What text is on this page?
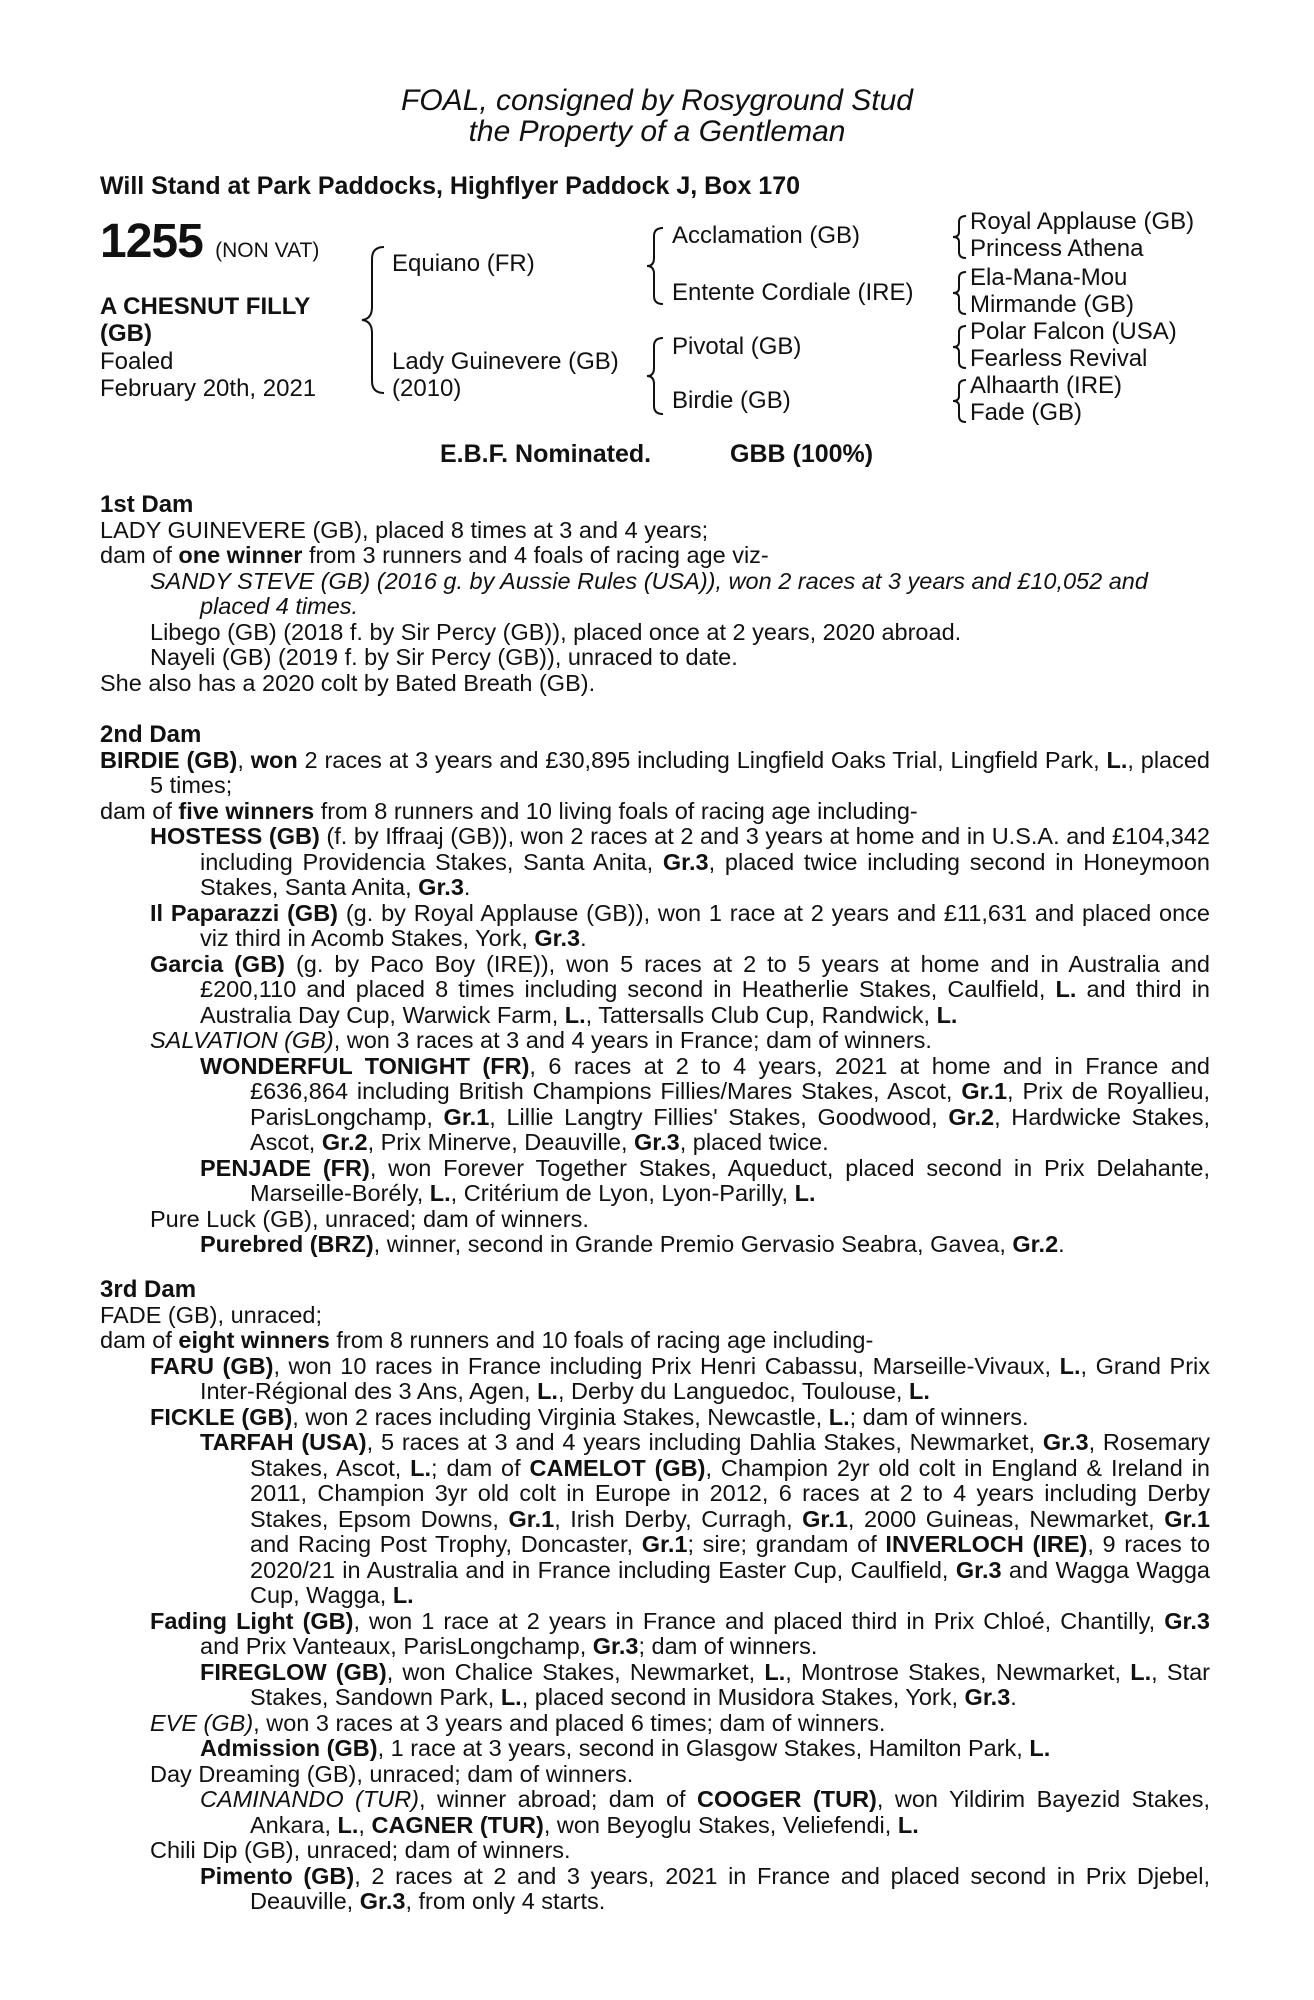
FOAL, consigned by Rosyground Stud
the Property of a Gentleman
Will Stand at Park Paddocks, Highflyer Paddock J, Box 170
1255 (NON VAT)
A CHESNUT FILLY
(GB)
Foaled
February 20th, 2021
Equiano (FR)
Lady Guinevere (GB)
(2010)
Acclamation (GB)
Entente Cordiale (IRE)
Pivotal (GB)
Birdie (GB)
Royal Applause (GB)
Princess Athena
Ela-Mana-Mou
Mirmande (GB)
Polar Falcon (USA)
Fearless Revival
Alhaarth (IRE)
Fade (GB)
E.B.F. Nominated.	GBB (100%)

1st Dam

LADY GUINEVERE (GB), placed 8 times at 3 and 4 years;

dam of one winner from 3 runners and 4 foals of racing age viz-

SANDY STEVE (GB) (2016 g. by Aussie Rules (USA)), won 2 races at 3 years and £10,052 and placed 4 times.

Libego (GB) (2018 f. by Sir Percy (GB)), placed once at 2 years, 2020 abroad.

Nayeli (GB) (2019 f. by Sir Percy (GB)), unraced to date.

She also has a 2020 colt by Bated Breath (GB).

2nd Dam

BIRDIE (GB), won 2 races at 3 years and £30,895 including Lingfield Oaks Trial, Lingfield Park, L., placed 5 times;

dam of five winners from 8 runners and 10 living foals of racing age including-

HOSTESS (GB) (f. by Iffraaj (GB)), won 2 races at 2 and 3 years at home and in U.S.A. and £104,342 including Providencia Stakes, Santa Anita, Gr.3, placed twice including second in Honeymoon Stakes, Santa Anita, Gr.3.

Il Paparazzi (GB) (g. by Royal Applause (GB)), won 1 race at 2 years and £11,631 and placed once viz third in Acomb Stakes, York, Gr.3.

Garcia (GB) (g. by Paco Boy (IRE)), won 5 races at 2 to 5 years at home and in Australia and £200,110 and placed 8 times including second in Heatherlie Stakes, Caulfield, L. and third in Australia Day Cup, Warwick Farm, L., Tattersalls Club Cup, Randwick, L.

SALVATION (GB), won 3 races at 3 and 4 years in France; dam of winners.

WONDERFUL TONIGHT (FR), 6 races at 2 to 4 years, 2021 at home and in France and £636,864 including British Champions Fillies/Mares Stakes, Ascot, Gr.1, Prix de Royallieu, ParisLongchamp, Gr.1, Lillie Langtry Fillies' Stakes, Goodwood, Gr.2, Hardwicke Stakes, Ascot, Gr.2, Prix Minerve, Deauville, Gr.3, placed twice.

PENJADE (FR), won Forever Together Stakes, Aqueduct, placed second in Prix Delahante, Marseille-Borély, L., Critérium de Lyon, Lyon-Parilly, L.

Pure Luck (GB), unraced; dam of winners.

Purebred (BRZ), winner, second in Grande Premio Gervasio Seabra, Gavea, Gr.2.

3rd Dam

FADE (GB), unraced;

dam of eight winners from 8 runners and 10 foals of racing age including-

FARU (GB), won 10 races in France including Prix Henri Cabassu, Marseille-Vivaux, L., Grand Prix Inter-Régional des 3 Ans, Agen, L., Derby du Languedoc, Toulouse, L.

FICKLE (GB), won 2 races including Virginia Stakes, Newcastle, L.; dam of winners.

TARFAH (USA), 5 races at 3 and 4 years including Dahlia Stakes, Newmarket, Gr.3, Rosemary Stakes, Ascot, L.; dam of CAMELOT (GB), Champion 2yr old colt in England & Ireland in 2011, Champion 3yr old colt in Europe in 2012, 6 races at 2 to 4 years including Derby Stakes, Epsom Downs, Gr.1, Irish Derby, Curragh, Gr.1, 2000 Guineas, Newmarket, Gr.1 and Racing Post Trophy, Doncaster, Gr.1; sire; grandam of INVERLOCH (IRE), 9 races to 2020/21 in Australia and in France including Easter Cup, Caulfield, Gr.3 and Wagga Wagga Cup, Wagga, L.

Fading Light (GB), won 1 race at 2 years in France and placed third in Prix Chloé, Chantilly, Gr.3 and Prix Vanteaux, ParisLongchamp, Gr.3; dam of winners.

FIREGLOW (GB), won Chalice Stakes, Newmarket, L., Montrose Stakes, Newmarket, L., Star Stakes, Sandown Park, L., placed second in Musidora Stakes, York, Gr.3.

EVE (GB), won 3 races at 3 years and placed 6 times; dam of winners.

Admission (GB), 1 race at 3 years, second in Glasgow Stakes, Hamilton Park, L.

Day Dreaming (GB), unraced; dam of winners.

CAMINANDO (TUR), winner abroad; dam of COOGER (TUR), won Yildirim Bayezid Stakes, Ankara, L., CAGNER (TUR), won Beyoglu Stakes, Veliefendi, L.

Chili Dip (GB), unraced; dam of winners.

Pimento (GB), 2 races at 2 and 3 years, 2021 in France and placed second in Prix Djebel, Deauville, Gr.3, from only 4 starts.
